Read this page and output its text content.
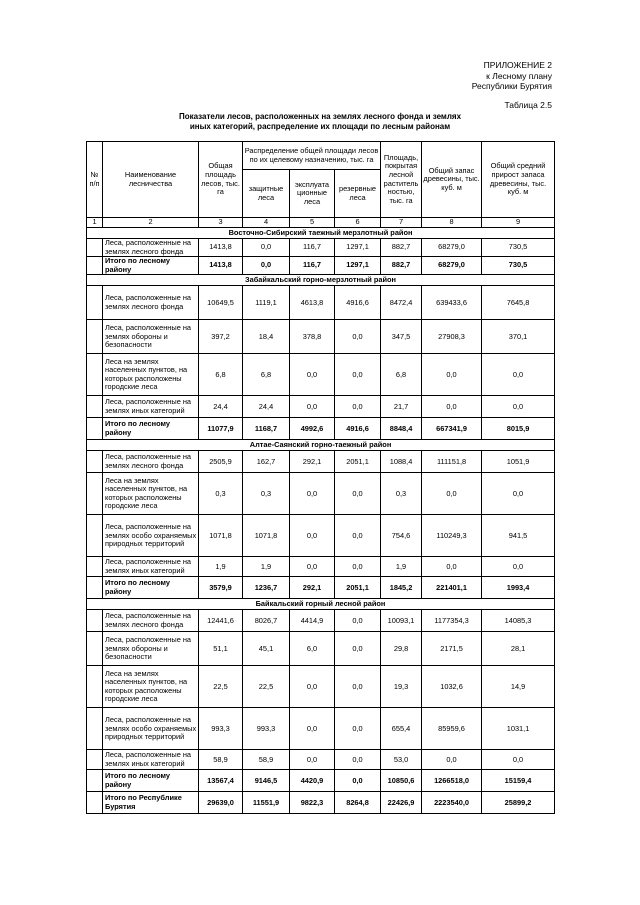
ПРИЛОЖЕНИЕ 2
к Лесному плану
Республики Бурятия
Таблица 2.5
Показатели лесов, расположенных на землях лесного фонда и землях
иных категорий, распределение их площади по лесным районам
№ п/п	Наименование лесничества	Общая площадь лесов, тыс. га	Распределение общей площади лесов по их целевому назначению, тыс. га			Площадь, покрытая лесной раститель ностью, тыс. га	Общий запас древесины, тыс. куб. м	Общий средний прирост запаса древесины, тыс. куб. м
			защитные леса	эксплуата ционные леса	резервные леса			
1	2	3	4	5	6	7	8	9
Восточно-Сибирский таежный мерзлотный район								
	Леса, расположенные на землях лесного фонда	1413,8	0,0	116,7	1297,1	882,7	68279,0	730,5
	Итого по лесному району	1413,8	0,0	116,7	1297,1	882,7	68279,0	730,5
Забайкальский горно-мерзлотный район								
	Леса, расположенные на землях лесного фонда	10649,5	1119,1	4613,8	4916,6	8472,4	639433,6	7645,8
	Леса, расположенные на землях обороны и безопасности	397,2	18,4	378,8	0,0	347,5	27908,3	370,1
	Леса на землях населенных пунктов, на которых расположены городские леса	6,8	6,8	0,0	0,0	6,8	0,0	0,0
	Леса, расположенные на землях иных категорий	24,4	24,4	0,0	0,0	21,7	0,0	0,0
	Итого по лесному району	11077,9	1168,7	4992,6	4916,6	8848,4	667341,9	8015,9
Алтае-Саянский горно-таежный район								
	Леса, расположенные на землях лесного фонда	2505,9	162,7	292,1	2051,1	1088,4	111151,8	1051,9
	Леса на землях населенных пунктов, на которых расположены городские леса	0,3	0,3	0,0	0,0	0,3	0,0	0,0
	Леса, расположенные на землях особо охраняемых природных территорий	1071,8	1071,8	0,0	0,0	754,6	110249,3	941,5
	Леса, расположенные на землях иных категорий	1,9	1,9	0,0	0,0	1,9	0,0	0,0
	Итого по лесному району	3579,9	1236,7	292,1	2051,1	1845,2	221401,1	1993,4
Байкальский горный лесной район								
	Леса, расположенные на землях лесного фонда	12441,6	8026,7	4414,9	0,0	10093,1	1177354,3	14085,3
	Леса, расположенные на землях обороны и безопасности	51,1	45,1	6,0	0,0	29,8	2171,5	28,1
	Леса на землях населенных пунктов, на которых расположены городские леса	22,5	22,5	0,0	0,0	19,3	1032,6	14,9
	Леса, расположенные на землях особо охраняемых природных территорий	993,3	993,3	0,0	0,0	655,4	85959,6	1031,1
	Леса, расположенные на землях иных категорий	58,9	58,9	0,0	0,0	53,0	0,0	0,0
	Итого по лесному району	13567,4	9146,5	4420,9	0,0	10850,6	1266518,0	15159,4
	Итого по Республике Бурятия	29639,0	11551,9	9822,3	8264,8	22426,9	2223540,0	25899,2
